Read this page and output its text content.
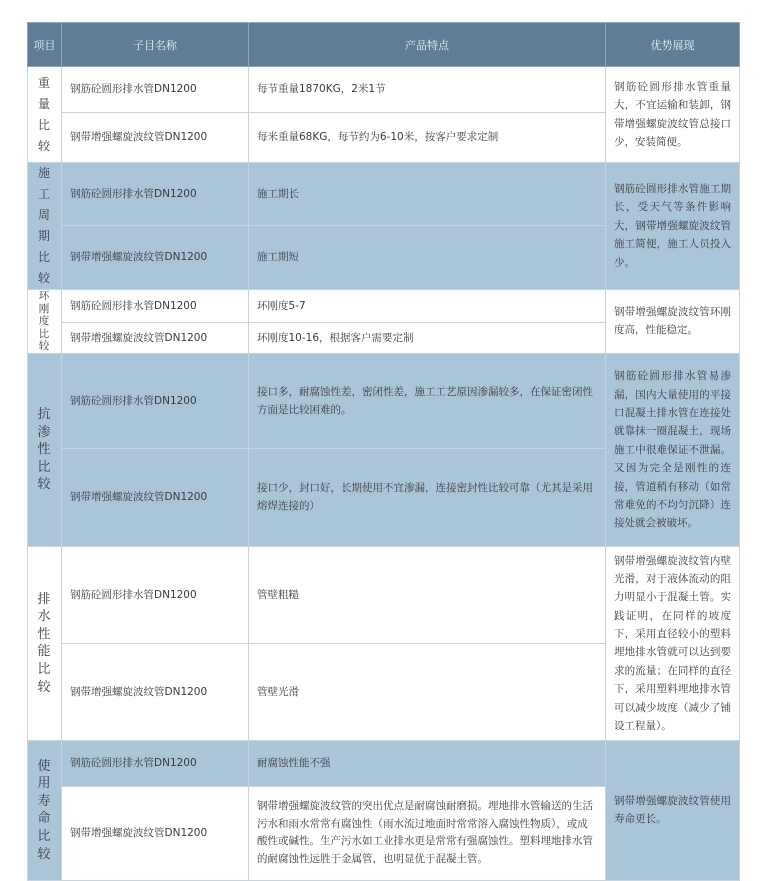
项目	子目名称	产品特点	优势展现
重量比较	钢筋砼圆形排水管DN1200	每节重量1870KG，2米1节	钢筋砼圆形排水管重量大，不宜运输和装卸，钢带增强螺旋波纹管总接口少，安装简便。
	钢带增强螺旋波纹管DN1200	每米重量68KG，每节约为6-10米，按客户要求定制	
施工周期比较	钢筋砼圆形排水管DN1200	施工期长	钢筋砼圆形排水管施工期长，受天气等条件影响大，钢带增强螺旋波纹管施工简便，施工人员投入少。
	钢带增强螺旋波纹管DN1200	施工期短	
环刚度比较	钢筋砼圆形排水管DN1200	环刚度5-7	钢带增强螺旋波纹管环刚度高，性能稳定。
	钢带增强螺旋波纹管DN1200	环刚度10-16，根据客户需要定制	
抗渗性比较	钢筋砼圆形排水管DN1200	接口多，耐腐蚀性差，密闭性差，施工工艺原因渗漏较多，在保证密闭性方面是比较困难的。	钢筋砼圆形排水管易渗漏，国内大量使用的平接口混凝土排水管在连接处就靠抹一圈混凝土，现场施工中很难保证不泄漏。又因为完全是刚性的连接，管道稍有移动（如常常难免的不均匀沉降）连接处就会被破坏。
	钢带增强螺旋波纹管DN1200	接口少，封口好，长期使用不宜渗漏，连接密封性比较可靠（尤其是采用熔焊连接的）	
排水性能比较	钢筋砼圆形排水管DN1200	管壁粗糙	钢带增强螺旋波纹管内壁光滑，对于液体流动的阻力明显小于混凝土管。实践证明，在同样的坡度下，采用直径较小的塑料埋地排水管就可以达到要求的流量；在同样的直径下，采用塑料埋地排水管可以减少坡度（减少了铺设工程量）。
	钢带增强螺旋波纹管DN1200	管壁光滑	
使用寿命比较	钢筋砼圆形排水管DN1200	耐腐蚀性能不强	钢带增强螺旋波纹管使用寿命更长。
	钢带增强螺旋波纹管DN1200	钢带增强螺旋波纹管的突出优点是耐腐蚀耐磨损。埋地排水管输送的生活污水和雨水常常有腐蚀性（雨水流过地面时常常溶入腐蚀性物质），或成酸性或碱性。生产污水如工业排水更是常常有强腐蚀性。塑料埋地排水管的耐腐蚀性远胜于金属管，也明显优于混凝土管。	
